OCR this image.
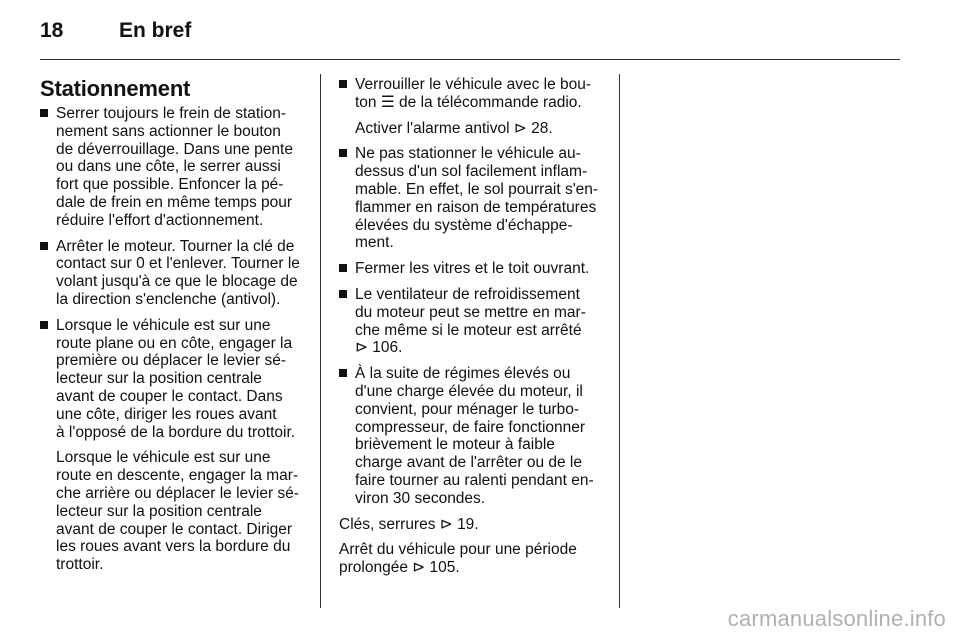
18	En bref
Stationnement
Serrer toujours le frein de station-
nement sans actionner le bouton
de déverrouillage. Dans une pente
ou dans une côte, le serrer aussi
fort que possible. Enfoncer la pé-
dale de frein en même temps pour
réduire l'effort d'actionnement.
Arrêter le moteur. Tourner la clé de
contact sur 0 et l'enlever. Tourner le
volant jusqu'à ce que le blocage de
la direction s'enclenche (antivol).
Lorsque le véhicule est sur une
route plane ou en côte, engager la
première ou déplacer le levier sé-
lecteur sur la position centrale
avant de couper le contact. Dans
une côte, diriger les roues avant
à l'opposé de la bordure du trottoir.
Lorsque le véhicule est sur une
route en descente, engager la mar-
che arrière ou déplacer le levier sé-
lecteur sur la position centrale
avant de couper le contact. Diriger
les roues avant vers la bordure du
trottoir.
Verrouiller le véhicule avec le bou-
ton ☰ de la télécommande radio.
Activer l'alarme antivol ⊳ 28.
Ne pas stationner le véhicule au-
dessus d'un sol facilement inflam-
mable. En effet, le sol pourrait s'en-
flammer en raison de températures
élevées du système d'échappe-
ment.
Fermer les vitres et le toit ouvrant.
Le ventilateur de refroidissement
du moteur peut se mettre en mar-
che même si le moteur est arrêté
⊳ 106.
À la suite de régimes élevés ou
d'une charge élevée du moteur, il
convient, pour ménager le turbo-
compresseur, de faire fonctionner
brièvement le moteur à faible
charge avant de l'arrêter ou de le
faire tourner au ralenti pendant en-
viron 30 secondes.
Clés, serrures ⊳ 19.
Arrêt du véhicule pour une période
prolongée ⊳ 105.
carmanualsonline.info
